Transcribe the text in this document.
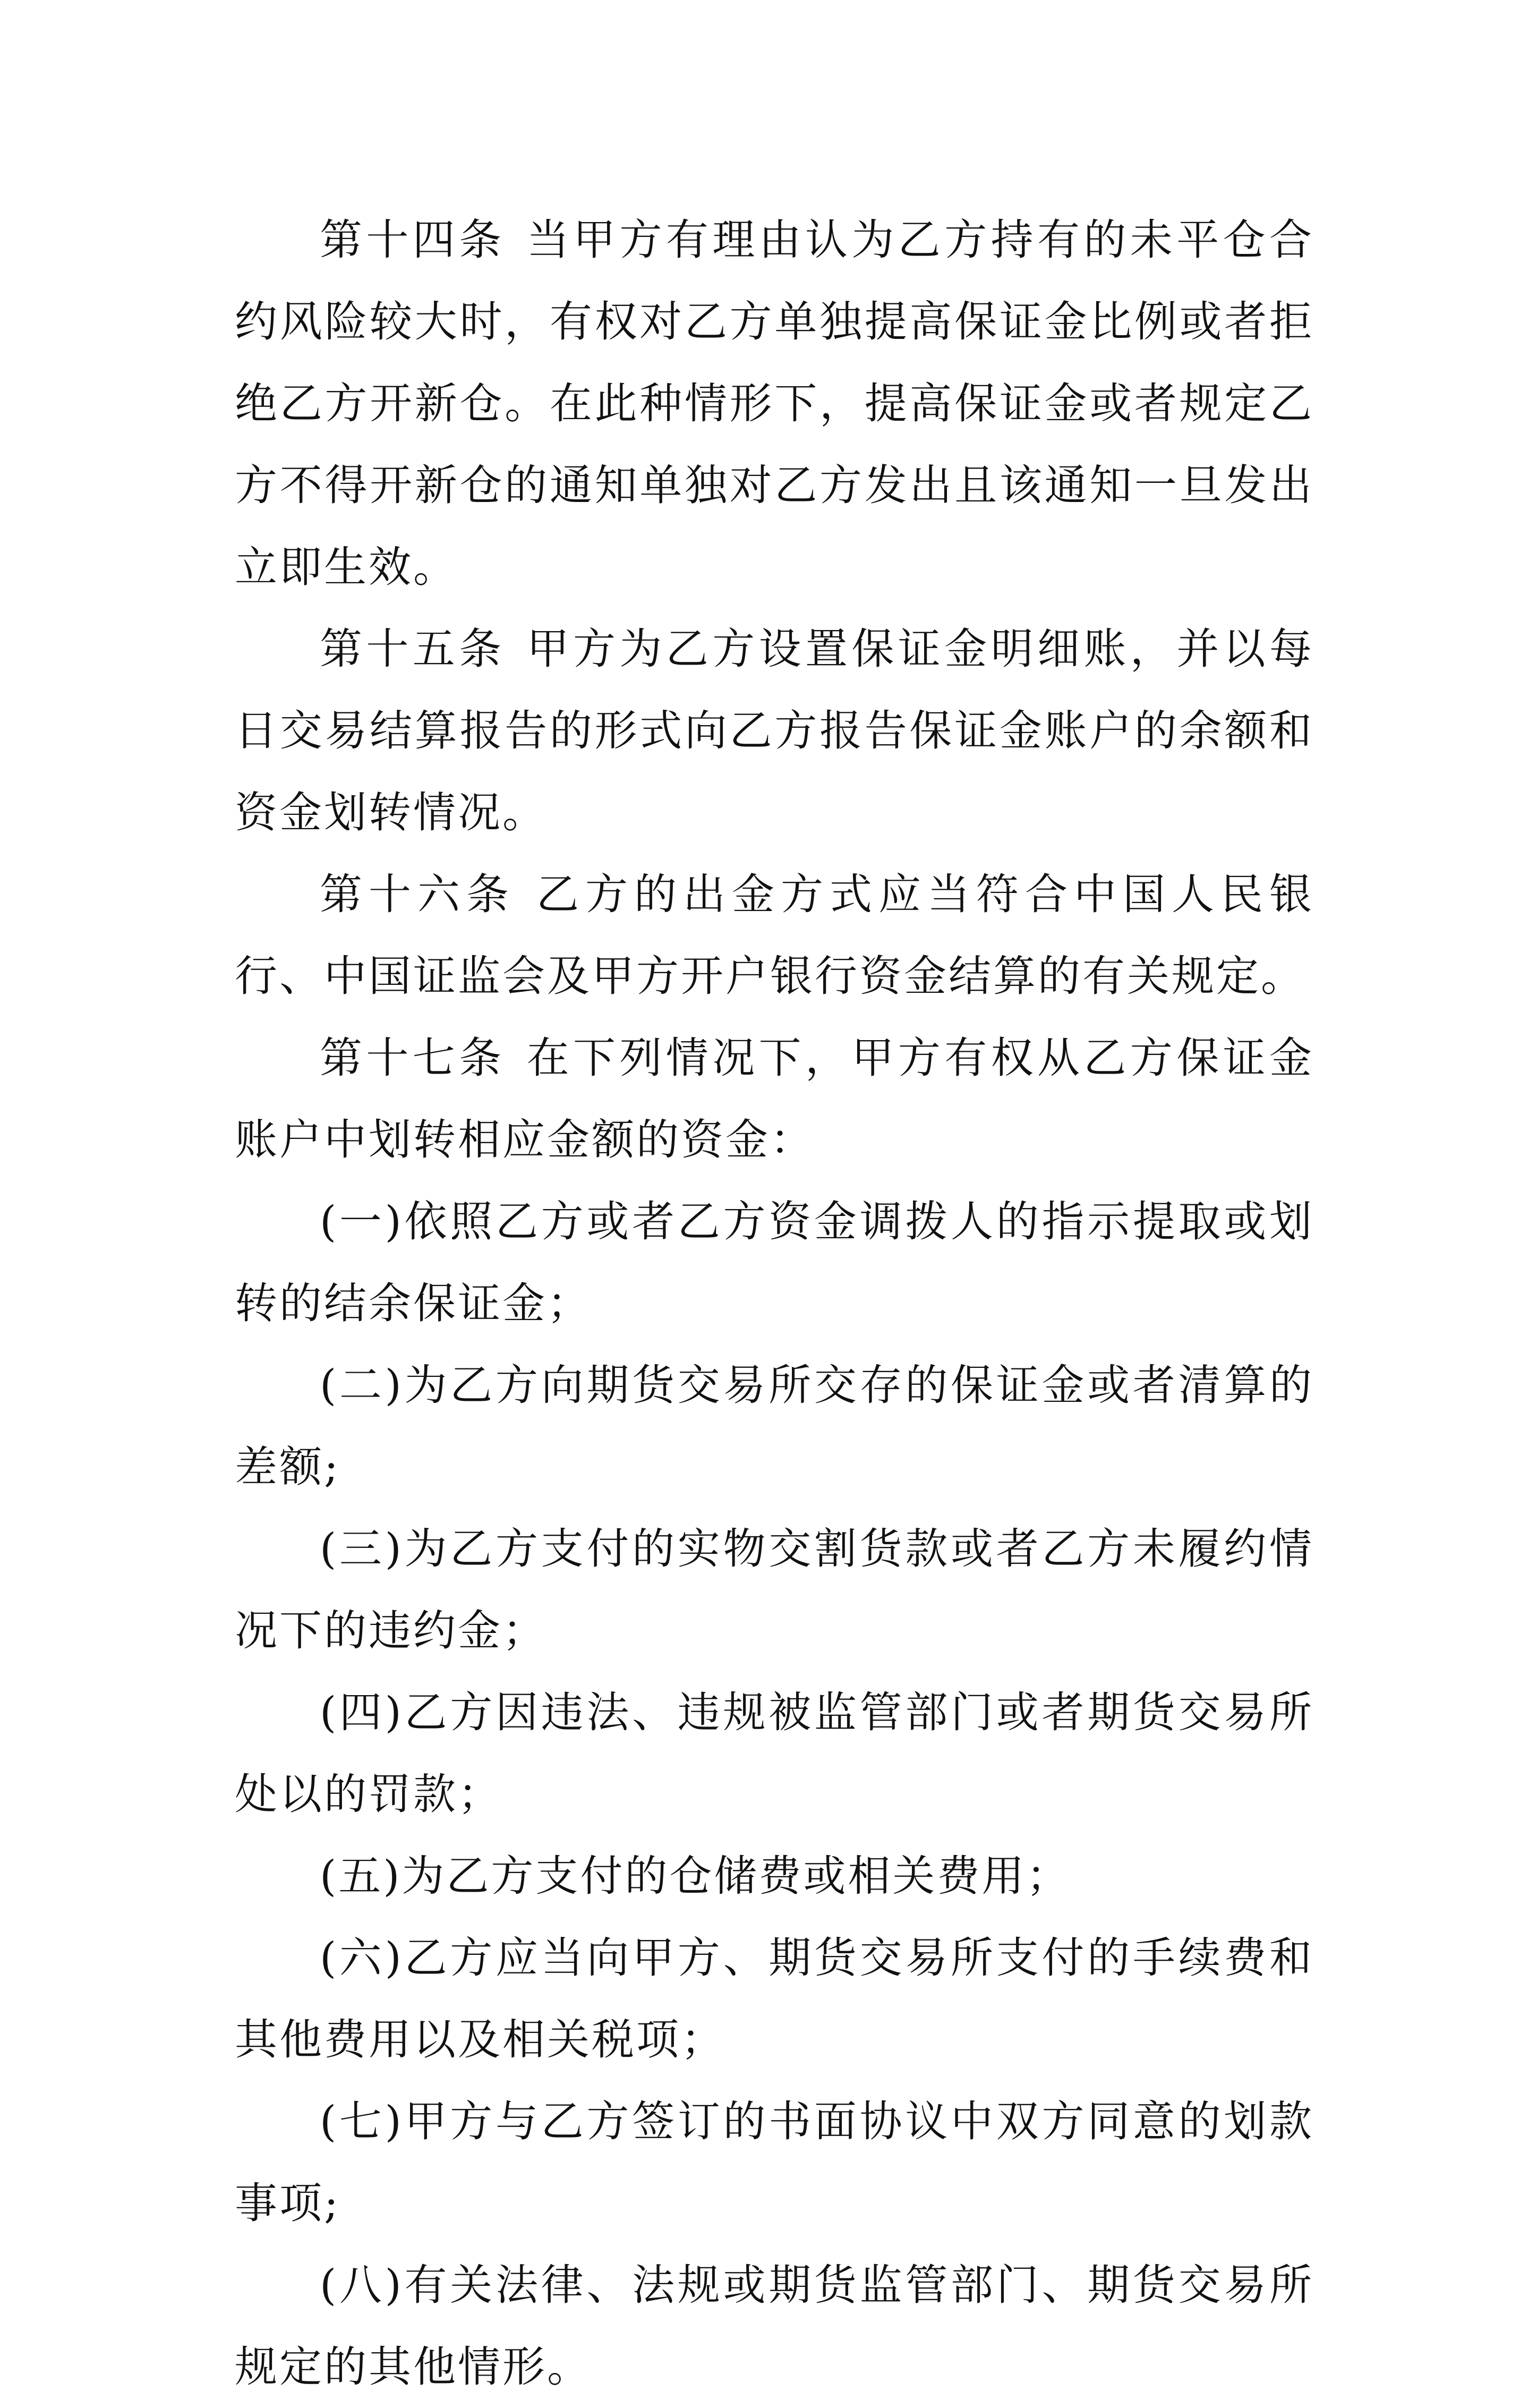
第十四条 当甲方有理由认为乙方持有的未平仓合约风险较大时，有权对乙方单独提高保证金比例或者拒绝乙方开新仓。在此种情形下，提高保证金或者规定乙方不得开新仓的通知单独对乙方发出且该通知一旦发出立即生效。

第十五条 甲方为乙方设置保证金明细账，并以每日交易结算报告的形式向乙方报告保证金账户的余额和资金划转情况。

第十六条 乙方的出金方式应当符合中国人民银行、中国证监会及甲方开户银行资金结算的有关规定。

第十七条 在下列情况下，甲方有权从乙方保证金账户中划转相应金额的资金：

(一)依照乙方或者乙方资金调拨人的指示提取或划转的结余保证金；

(二)为乙方向期货交易所交存的保证金或者清算的差额;

(三)为乙方支付的实物交割货款或者乙方未履约情况下的违约金；

(四)乙方因违法、违规被监管部门或者期货交易所处以的罚款；

(五)为乙方支付的仓储费或相关费用；

(六)乙方应当向甲方、期货交易所支付的手续费和其他费用以及相关税项；

(七)甲方与乙方签订的书面协议中双方同意的划款事项;

(八)有关法律、法规或期货监管部门、期货交易所规定的其他情形。
